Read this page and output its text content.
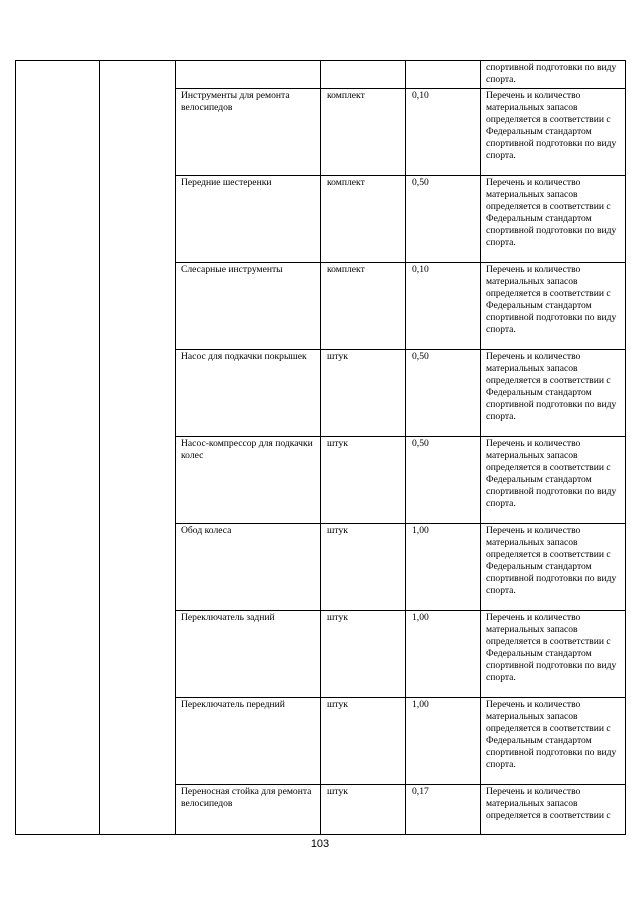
					спортивной подготовки по виду спорта.
		Инструменты для ремонта велосипедов	комплект	0,10	Перечень и количество материальных запасов определяется в соответствии с Федеральным стандартом спортивной подготовки по виду спорта.
		Передние шестеренки	комплект	0,50	Перечень и количество материальных запасов определяется в соответствии с Федеральным стандартом спортивной подготовки по виду спорта.
		Слесарные инструменты	комплект	0,10	Перечень и количество материальных запасов определяется в соответствии с Федеральным стандартом спортивной подготовки по виду спорта.
		Насос для подкачки покрышек	штук	0,50	Перечень и количество материальных запасов определяется в соответствии с Федеральным стандартом спортивной подготовки по виду спорта.
		Насос-компрессор для подкачки колес	штук	0,50	Перечень и количество материальных запасов определяется в соответствии с Федеральным стандартом спортивной подготовки по виду спорта.
		Обод колеса	штук	1,00	Перечень и количество материальных запасов определяется в соответствии с Федеральным стандартом спортивной подготовки по виду спорта.
		Переключатель задний	штук	1,00	Перечень и количество материальных запасов определяется в соответствии с Федеральным стандартом спортивной подготовки по виду спорта.
		Переключатель передний	штук	1,00	Перечень и количество материальных запасов определяется в соответствии с Федеральным стандартом спортивной подготовки по виду спорта.
		Переносная стойка для ремонта велосипедов	штук	0,17	Перечень и количество материальных запасов определяется в соответствии с
103
